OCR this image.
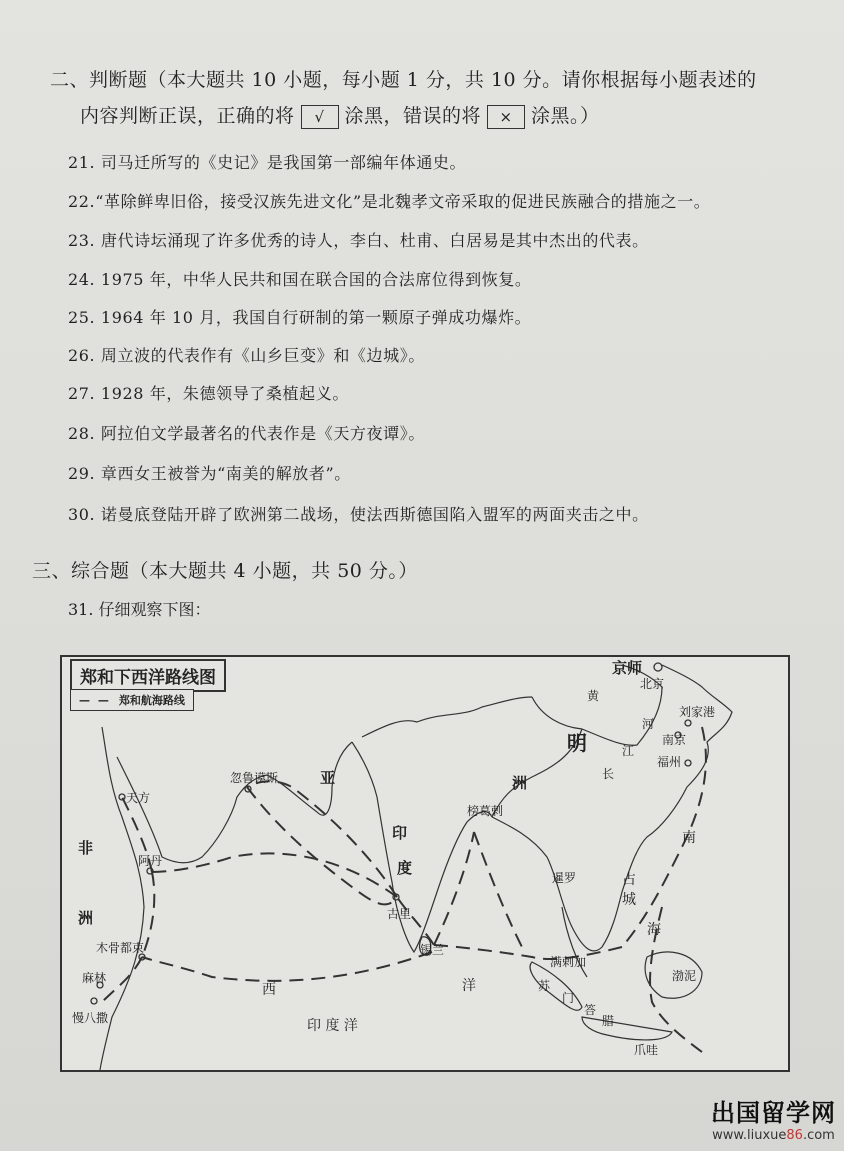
二、判断题（本大题共 10 小题，每小题 1 分，共 10 分。请你根据每小题表述的
内容判断正误，正确的将 √ 涂黑，错误的将 × 涂黑。）
21. 司马迁所写的《史记》是我国第一部编年体通史。
22.“革除鲜卑旧俗，接受汉族先进文化”是北魏孝文帝采取的促进民族融合的措施之一。
23. 唐代诗坛涌现了许多优秀的诗人，李白、杜甫、白居易是其中杰出的代表。
24. 1975 年，中华人民共和国在联合国的合法席位得到恢复。
25. 1964 年 10 月，我国自行研制的第一颗原子弹成功爆炸。
26. 周立波的代表作有《山乡巨变》和《边城》。
27. 1928 年，朱德领导了桑植起义。
28. 阿拉伯文学最著名的代表作是《天方夜谭》。
29. 章西女王被誉为“南美的解放者”。
30. 诺曼底登陆开辟了欧洲第二战场，使法西斯德国陷入盟军的两面夹击之中。
三、综合题（本大题共 4 小题，共 50 分。）
31. 仔细观察下图：
郑和下西洋路线图
— — 郑和航海路线
京师
北京
刘家港
南京
福州
明
河
江
黄
长
洲
亚
忽鲁谟斯
天方
阿丹
非
洲
木骨都束
麻林
慢八撒
榜葛剌
印
度
古里
锡兰
暹罗	占
城
南
海
渤泥
满剌加
苏
门
答
腊
爪哇
西	洋
印 度 洋
出国留学网
www.liuxue86.com
